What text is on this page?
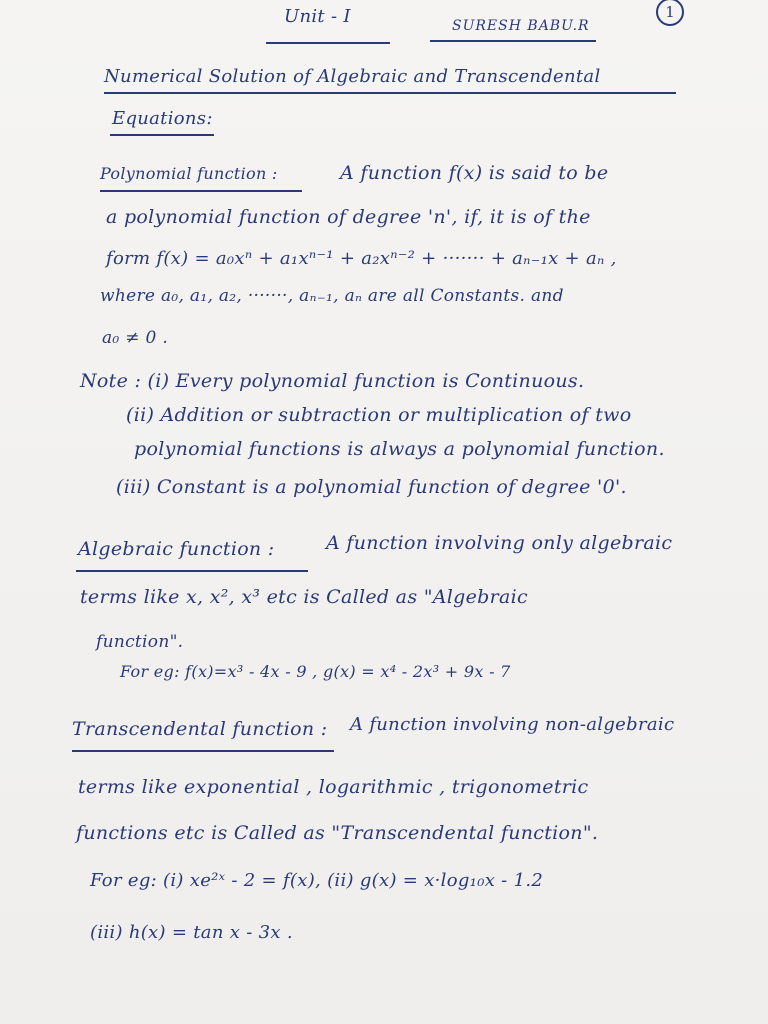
Unit - I	SURESH BABU.R
1
Numerical Solution of Algebraic and Transcendental
Equations:
Polynomial function :	A function f(x) is said to be
a polynomial function of degree 'n', if, it is of the
form f(x) = a₀xⁿ + a₁xⁿ⁻¹ + a₂xⁿ⁻² + ······· + aₙ₋₁x + aₙ ,
where a₀, a₁, a₂, ·······, aₙ₋₁, aₙ are all Constants. and
a₀ ≠ 0 .
Note : (i) Every polynomial function is Continuous.
(ii) Addition or subtraction or multiplication of two
polynomial functions is always a polynomial function.
(iii) Constant is a polynomial function of degree '0'.
Algebraic function :	A function involving only algebraic
terms like x, x², x³ etc is Called as "Algebraic
function".
For eg: f(x)=x³ - 4x - 9 , g(x) = x⁴ - 2x³ + 9x - 7
Transcendental function : A function involving non-algebraic
terms like exponential , logarithmic , trigonometric
functions etc is Called as "Transcendental function".
For eg: (i) xe²ˣ - 2 = f(x), (ii) g(x) = x·log₁₀x - 1.2
(iii) h(x) = tan x - 3x .
